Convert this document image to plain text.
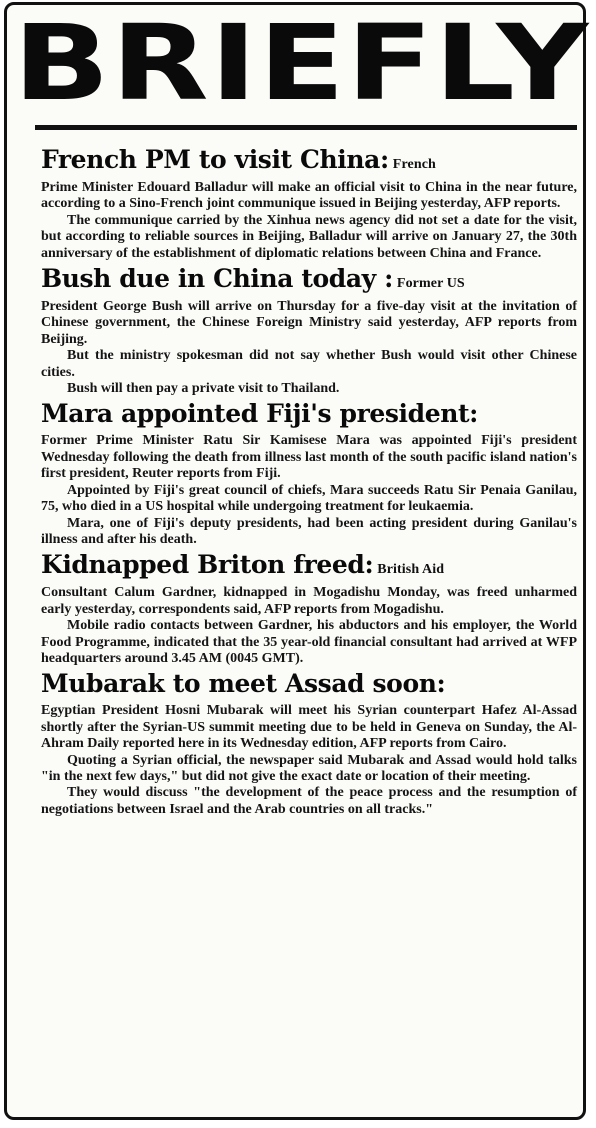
BRIEFLY
French PM to visit China: French

Prime Minister Edouard Balladur will make an official visit to China in the near future, according to a Sino-French joint communique issued in Beijing yesterday, AFP reports.

The communique carried by the Xinhua news agency did not set a date for the visit, but according to reliable sources in Beijing, Balladur will arrive on January 27, the 30th anniversary of the establishment of diplomatic relations between China and France.

Bush due in China today : Former US

President George Bush will arrive on Thursday for a five-day visit at the invitation of Chinese government, the Chinese Foreign Ministry said yesterday, AFP reports from Beijing.

But the ministry spokesman did not say whether Bush would visit other Chinese cities.

Bush will then pay a private visit to Thailand.

Mara appointed Fiji's president:

Former Prime Minister Ratu Sir Kamisese Mara was appointed Fiji's president Wednesday following the death from illness last month of the south pacific island nation's first president, Reuter reports from Fiji.

Appointed by Fiji's great council of chiefs, Mara succeeds Ratu Sir Penaia Ganilau, 75, who died in a US hospital while undergoing treatment for leukaemia.

Mara, one of Fiji's deputy presidents, had been acting president during Ganilau's illness and after his death.

Kidnapped Briton freed: British Aid

Consultant Calum Gardner, kidnapped in Mogadishu Monday, was freed unharmed early yesterday, correspondents said, AFP reports from Mogadishu.

Mobile radio contacts between Gardner, his abductors and his employer, the World Food Programme, indicated that the 35 year-old financial consultant had arrived at WFP headquarters around 3.45 AM (0045 GMT).

Mubarak to meet Assad soon:

Egyptian President Hosni Mubarak will meet his Syrian counterpart Hafez Al-Assad shortly after the Syrian-US summit meeting due to be held in Geneva on Sunday, the Al-Ahram Daily reported here in its Wednesday edition, AFP reports from Cairo.

Quoting a Syrian official, the newspaper said Mubarak and Assad would hold talks "in the next few days," but did not give the exact date or location of their meeting.

They would discuss "the development of the peace process and the resumption of negotiations between Israel and the Arab countries on all tracks."
